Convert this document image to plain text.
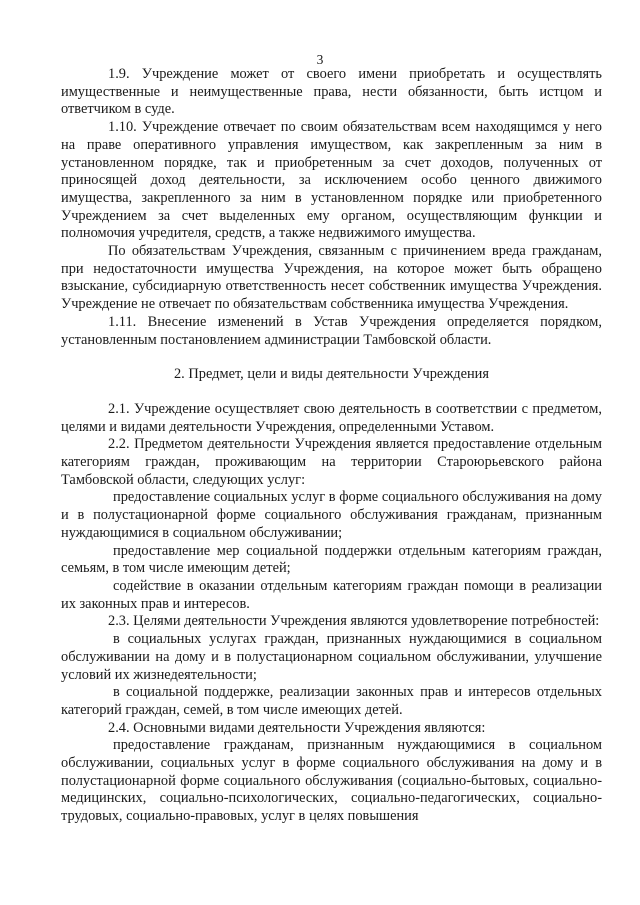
3

1.9. Учреждение может от своего имени приобретать и осуществлять имущественные и неимущественные права, нести обязанности, быть истцом и ответчиком в суде.

1.10. Учреждение отвечает по своим обязательствам всем находящимся у него на праве оперативного управления имуществом, как закрепленным за ним в установленном порядке, так и приобретенным за счет доходов, полученных от приносящей доход деятельности, за исключением особо ценного движимого имущества, закрепленного за ним в установленном порядке или приобретенного Учреждением за счет выделенных ему органом, осуществляющим функции и полномочия учредителя, средств, а также недвижимого имущества.

По обязательствам Учреждения, связанным с причинением вреда гражданам, при недостаточности имущества Учреждения, на которое может быть обращено взыскание, субсидиарную ответственность несет собственник имущества Учреждения. Учреждение не отвечает по обязательствам собственника имущества Учреждения.

1.11. Внесение изменений в Устав Учреждения определяется порядком, установленным постановлением администрации Тамбовской области.

2. Предмет, цели и виды деятельности Учреждения

2.1. Учреждение осуществляет свою деятельность в соответствии с предметом, целями и видами деятельности Учреждения, определенными Уставом.

2.2. Предметом деятельности Учреждения является предоставление отдельным категориям граждан, проживающим на территории Староюрьевского района Тамбовской области, следующих услуг:

предоставление социальных услуг в форме социального обслуживания на дому и в полустационарной форме социального обслуживания гражданам, признанным нуждающимися в социальном обслуживании;

предоставление мер социальной поддержки отдельным категориям граждан, семьям, в том числе имеющим детей;

содействие в оказании отдельным категориям граждан помощи в реализации их законных прав и интересов.

2.3. Целями деятельности Учреждения являются удовлетворение потребностей:

в социальных услугах граждан, признанных нуждающимися в социальном обслуживании на дому и в полустационарном социальном обслуживании, улучшение условий их жизнедеятельности;

в социальной поддержке, реализации законных прав и интересов отдельных категорий граждан, семей, в том числе имеющих детей.

2.4. Основными видами деятельности Учреждения являются:

предоставление гражданам, признанным нуждающимися в социальном обслуживании, социальных услуг в форме социального обслуживания на дому и в полустационарной форме социального обслуживания (социально-бытовых, социально-медицинских, социально-психологических, социально-педагогических, социально-трудовых, социально-правовых, услуг в целях повышения
